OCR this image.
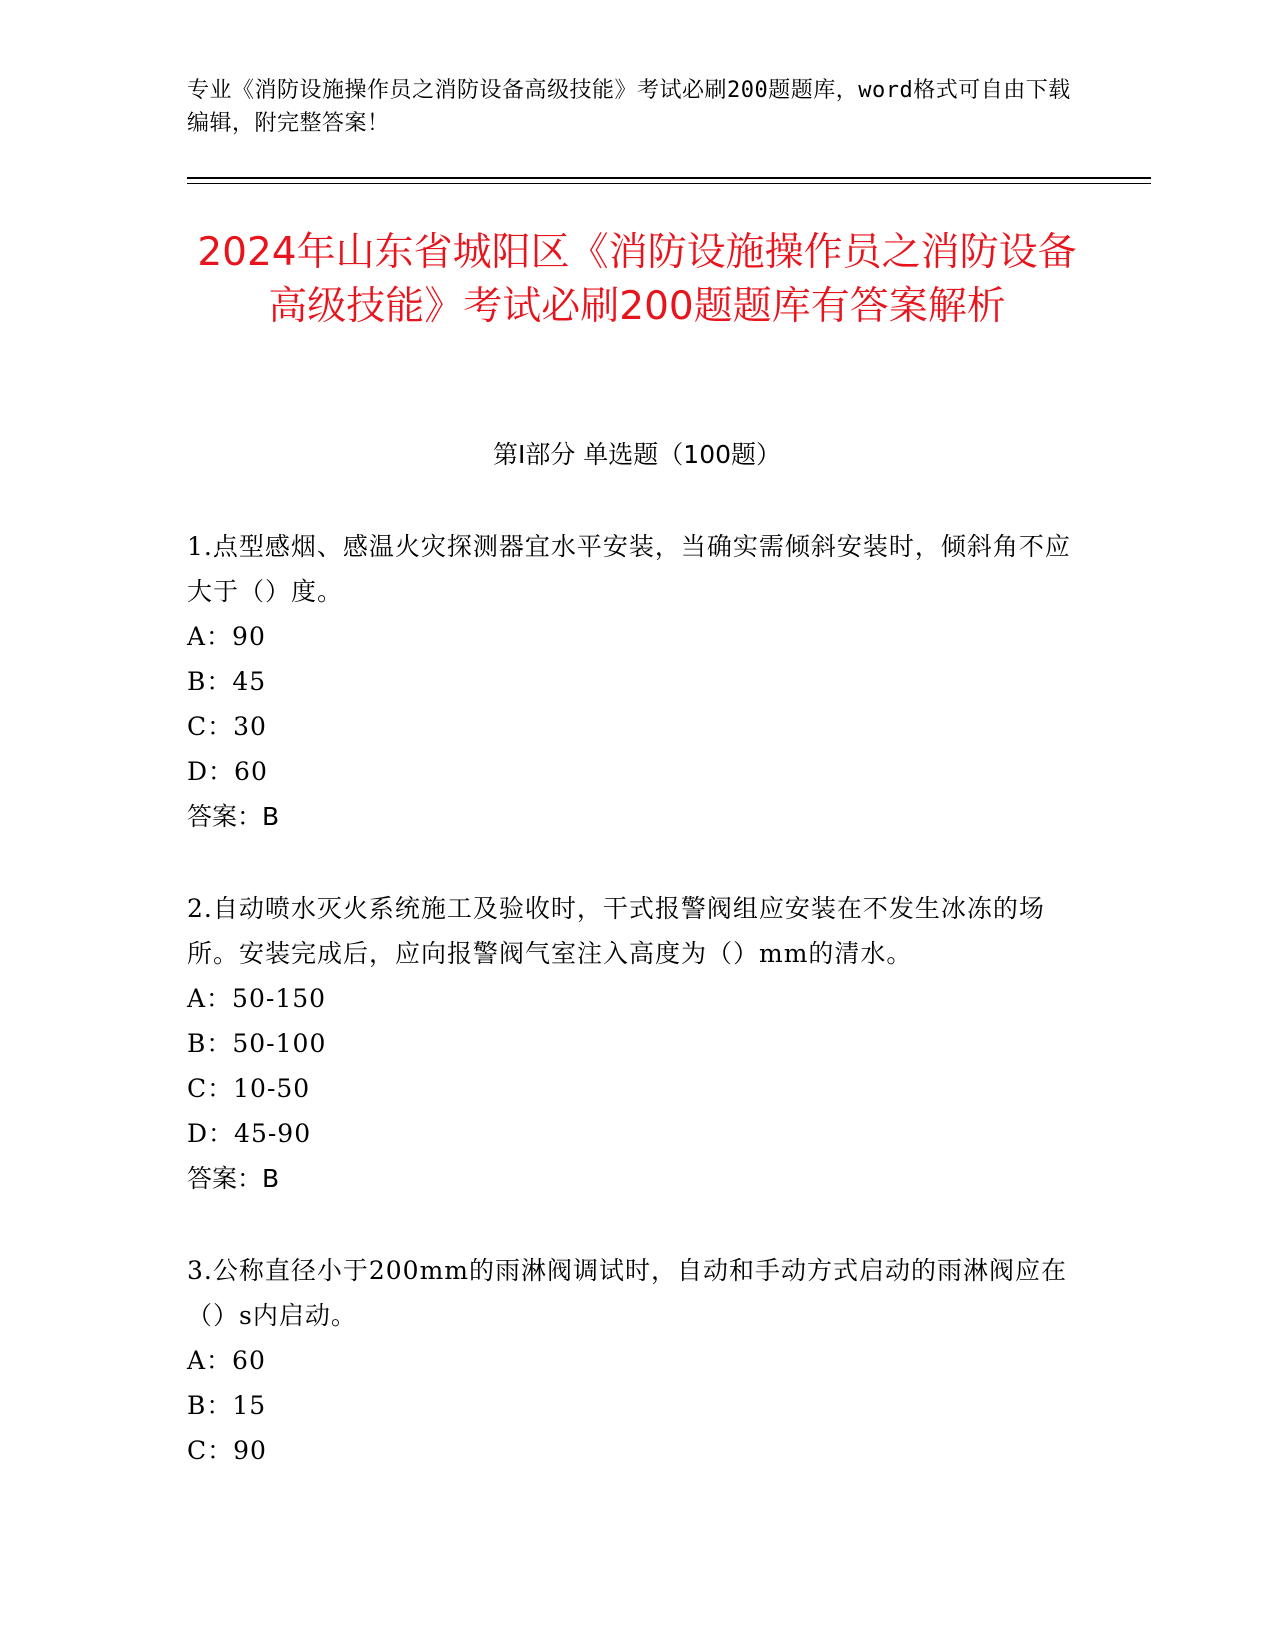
专业《消防设施操作员之消防设备高级技能》考试必刷200题题库，word格式可自由下载编辑，附完整答案！
2024年山东省城阳区《消防设施操作员之消防设备高级技能》考试必刷200题题库有答案解析
第Ⅰ部分 单选题（100题）
1.点型感烟、感温火灾探测器宜水平安装，当确实需倾斜安装时，倾斜角不应大于（）度。
A：90
B：45
C：30
D：60
答案：B
2.自动喷水灭火系统施工及验收时，干式报警阀组应安装在不发生冰冻的场所。安装完成后，应向报警阀气室注入高度为（）mm的清水。
A：50-150
B：50-100
C：10-50
D：45-90
答案：B
3.公称直径小于200mm的雨淋阀调试时，自动和手动方式启动的雨淋阀应在（）s内启动。
A：60
B：15
C：90
